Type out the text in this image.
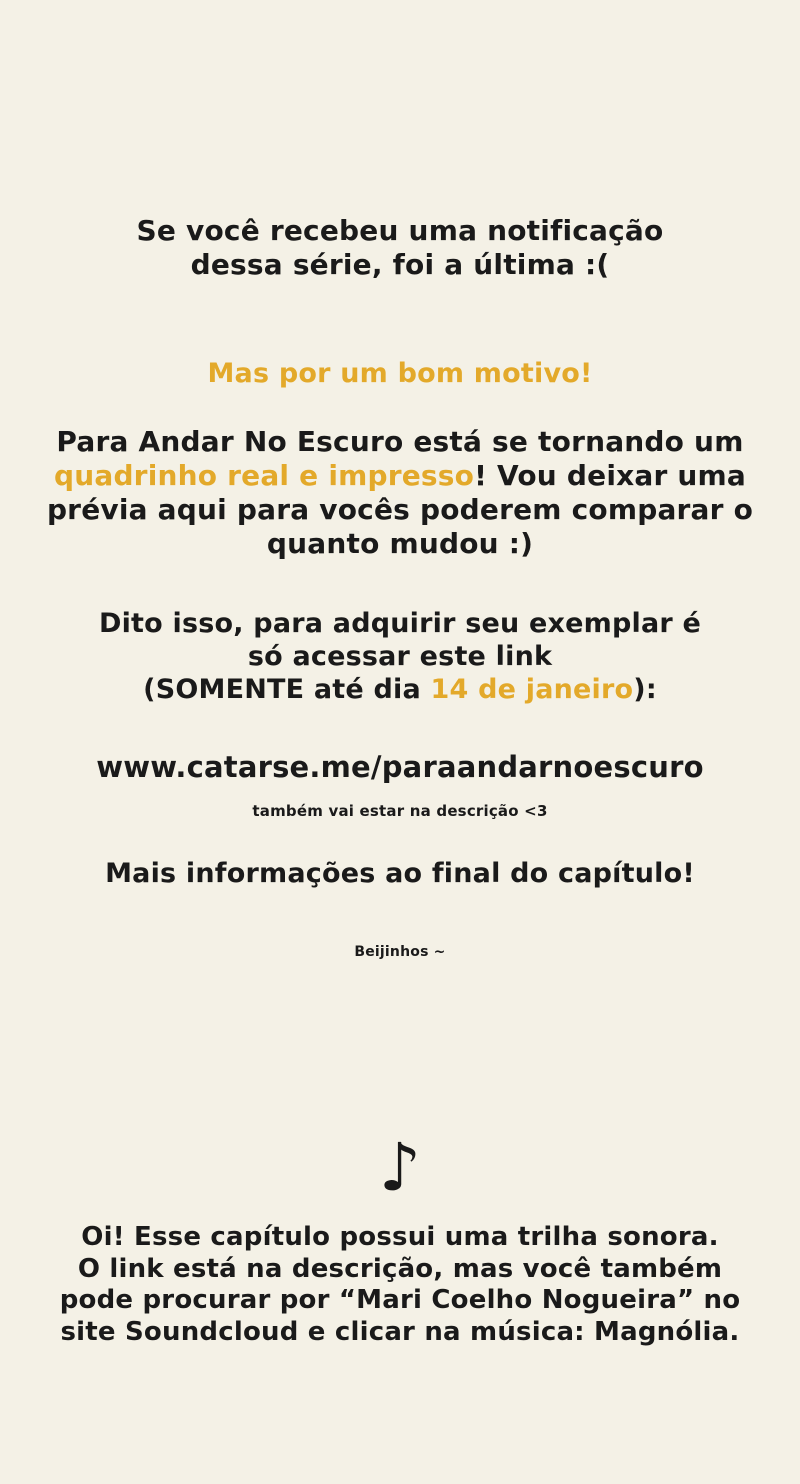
Se você recebeu uma notificação
dessa série, foi a última :(
Mas por um bom motivo!
Para Andar No Escuro está se tornando um
quadrinho real e impresso! Vou deixar uma
prévia aqui para vocês poderem comparar o
quanto mudou :)
Dito isso, para adquirir seu exemplar é
só acessar este link
(SOMENTE até dia 14 de janeiro):
www.catarse.me/paraandarnoescuro
também vai estar na descrição <3
Mais informações ao final do capítulo!
Beijinhos ~
♪
Oi! Esse capítulo possui uma trilha sonora.
O link está na descrição, mas você também
pode procurar por “Mari Coelho Nogueira” no
site Soundcloud e clicar na música: Magnólia.
